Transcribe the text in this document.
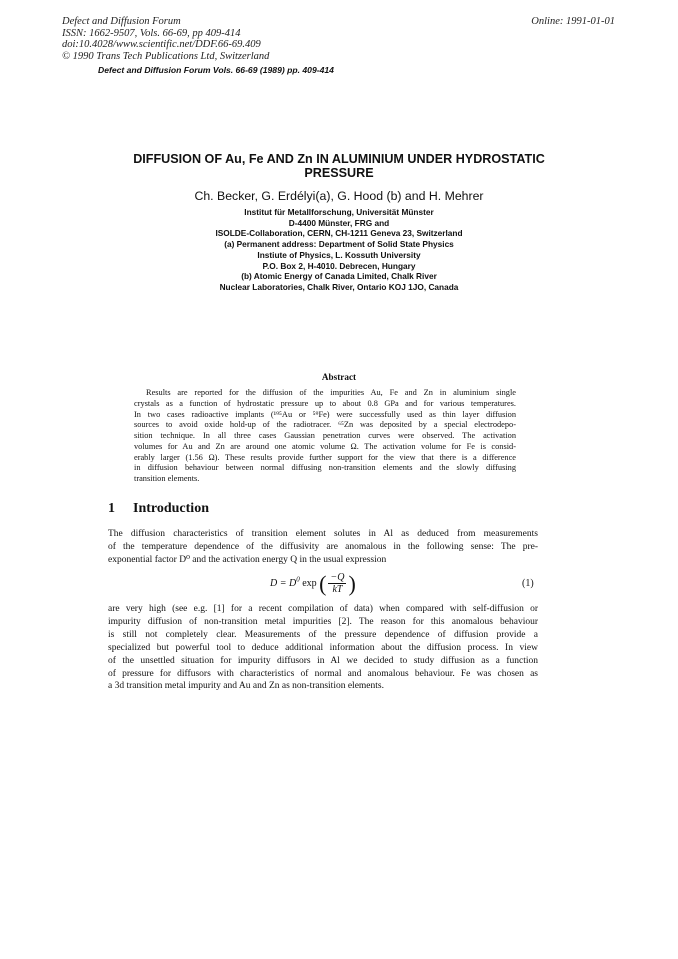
Defect and Diffusion Forum
ISSN: 1662-9507, Vols. 66-69, pp 409-414
doi:10.4028/www.scientific.net/DDF.66-69.409
© 1990 Trans Tech Publications Ltd, Switzerland
Online: 1991-01-01
Defect and Diffusion Forum Vols. 66-69 (1989) pp. 409-414
DIFFUSION OF Au, Fe AND Zn IN ALUMINIUM UNDER HYDROSTATIC
PRESSURE
Ch. Becker, G. Erdélyi(a), G. Hood (b) and H. Mehrer
Institut für Metallforschung, Universität Münster
D-4400 Münster, FRG and
ISOLDE-Collaboration, CERN, CH-1211 Geneva 23, Switzerland
(a) Permanent address: Department of Solid State Physics
Instiute of Physics, L. Kossuth University
P.O. Box 2, H-4010. Debrecen, Hungary
(b) Atomic Energy of Canada Limited, Chalk River
Nuclear Laboratories, Chalk River, Ontario KOJ 1JO, Canada
Abstract
Results are reported for the diffusion of the impurities Au, Fe and Zn in aluminium single
crystals as a function of hydrostatic pressure up to about 0.8 GPa and for various temperatures.
In two cases radioactive implants (¹⁹⁵Au or ⁵⁹Fe) were successfully used as thin layer diffusion
sources to avoid oxide hold-up of the radiotracer. ⁶⁵Zn was deposited by a special electrodepo-
sition technique. In all three cases Gaussian penetration curves were observed. The activation
volumes for Au and Zn are around one atomic volume Ω. The activation volume for Fe is consid-
erably larger (1.56 Ω). These results provide further support for the view that there is a difference
in diffusion behaviour between normal diffusing non-transition elements and the slowly diffusing
transition elements.
1 Introduction
The diffusion characteristics of transition element solutes in Al as deduced from measurements
of the temperature dependence of the diffusivity are anomalous in the following sense: The pre-
exponential factor D⁰ and the activation energy Q in the usual expression
$D = D^0$ exp ( $\frac{-Q}{kT}$ )	(1)
are very high (see e.g. [1] for a recent compilation of data) when compared with self-diffusion or
impurity diffusion of non-transition metal impurities [2]. The reason for this anomalous behaviour
is still not completely clear. Measurements of the pressure dependence of diffusion provide a
specialized but powerful tool to deduce additional information about the diffusion process. In view
of the unsettled situation for impurity diffusors in Al we decided to study diffusion as a function
of pressure for diffusors with characteristics of normal and anomalous behaviour. Fe was chosen as
a 3d transition metal impurity and Au and Zn as non-transition elements.
